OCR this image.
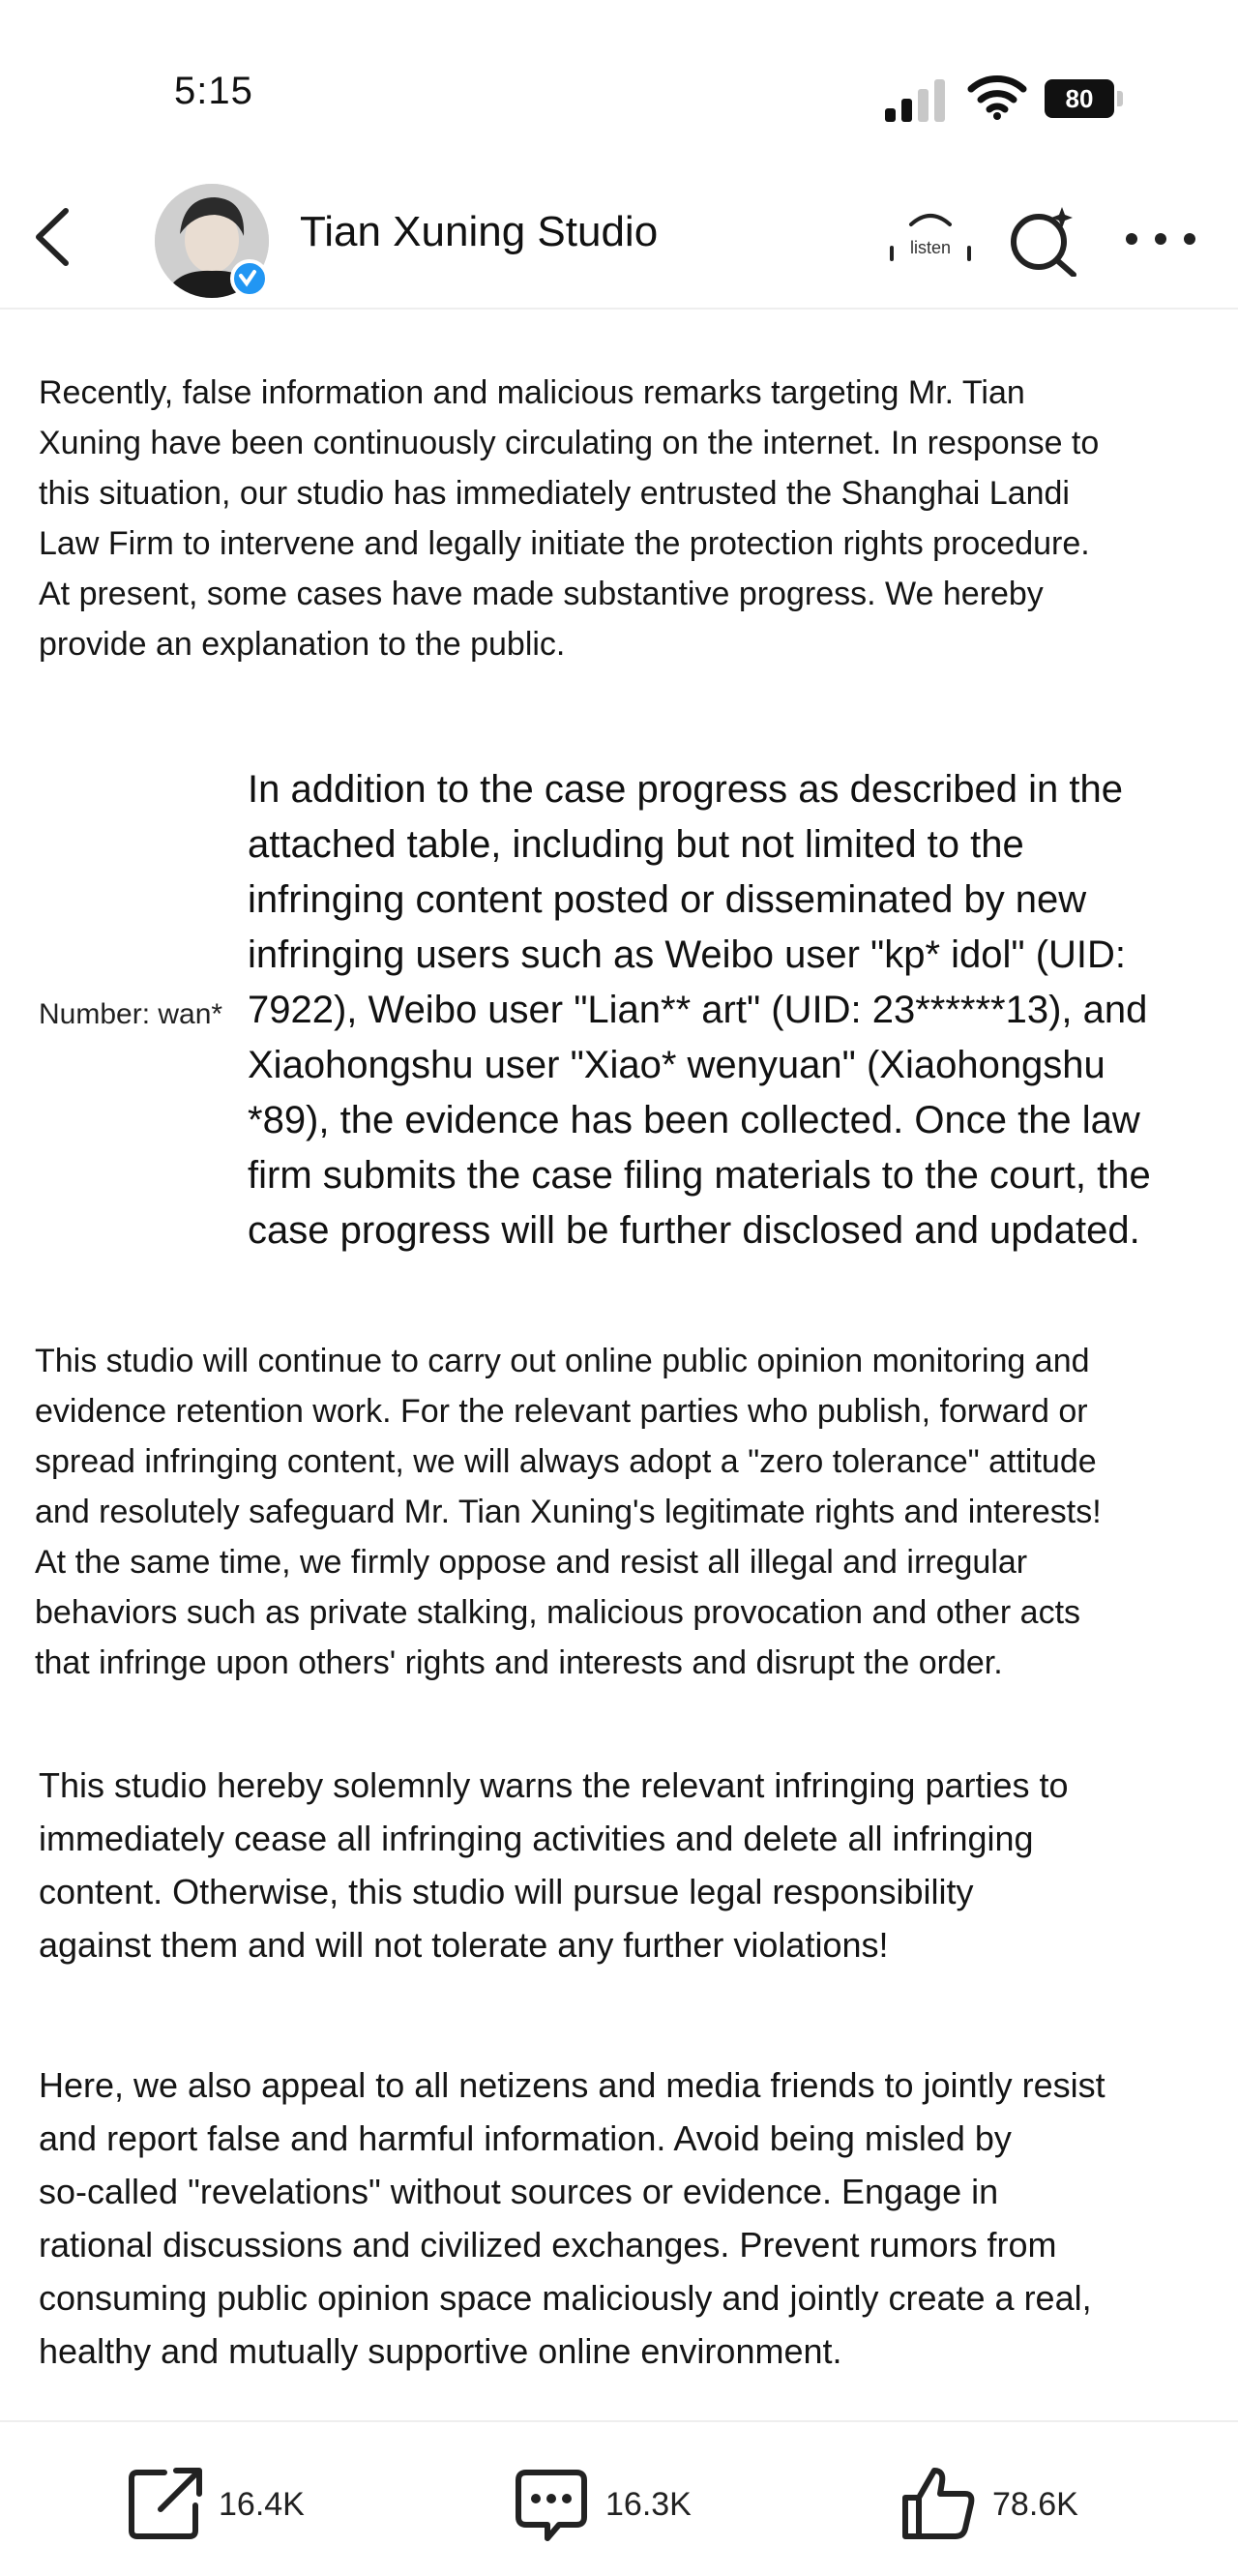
5:15	80
Tian Xuning Studio	listen
Recently, false information and malicious remarks targeting Mr. Tian
Xuning have been continuously circulating on the internet. In response to
this situation, our studio has immediately entrusted the Shanghai Landi
Law Firm to intervene and legally initiate the protection rights procedure.
At present, some cases have made substantive progress. We hereby
provide an explanation to the public.
Number: wan*
In addition to the case progress as described in the
attached table, including but not limited to the
infringing content posted or disseminated by new
infringing users such as Weibo user "kp* idol" (UID:
7922), Weibo user "Lian** art" (UID: 23******13), and
Xiaohongshu user "Xiao* wenyuan" (Xiaohongshu
*89), the evidence has been collected. Once the law
firm submits the case filing materials to the court, the
case progress will be further disclosed and updated.
This studio will continue to carry out online public opinion monitoring and
evidence retention work. For the relevant parties who publish, forward or
spread infringing content, we will always adopt a "zero tolerance" attitude
and resolutely safeguard Mr. Tian Xuning's legitimate rights and interests!
At the same time, we firmly oppose and resist all illegal and irregular
behaviors such as private stalking, malicious provocation and other acts
that infringe upon others' rights and interests and disrupt the order.
This studio hereby solemnly warns the relevant infringing parties to
immediately cease all infringing activities and delete all infringing
content. Otherwise, this studio will pursue legal responsibility
against them and will not tolerate any further violations!
Here, we also appeal to all netizens and media friends to jointly resist
and report false and harmful information. Avoid being misled by
so-called "revelations" without sources or evidence. Engage in
rational discussions and civilized exchanges. Prevent rumors from
consuming public opinion space maliciously and jointly create a real,
healthy and mutually supportive online environment.
16.4K	16.3K	78.6K
